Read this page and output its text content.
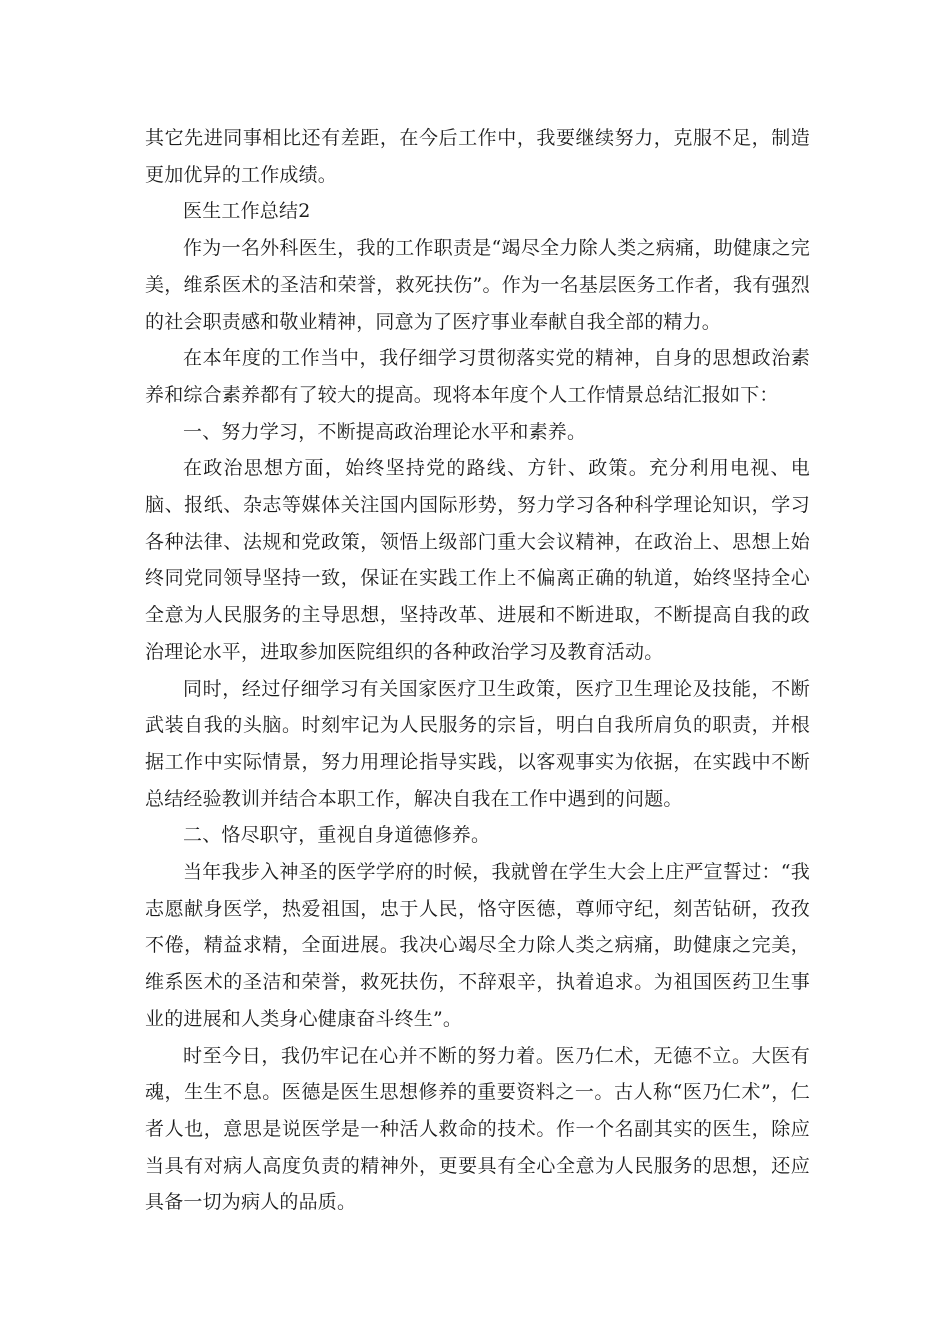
其它先进同事相比还有差距，在今后工作中，我要继续努力，克服不足，制造更加优异的工作成绩。

医生工作总结2

作为一名外科医生，我的工作职责是“竭尽全力除人类之病痛，助健康之完美，维系医术的圣洁和荣誉，救死扶伤”。作为一名基层医务工作者，我有强烈的社会职责感和敬业精神，同意为了医疗事业奉献自我全部的精力。

在本年度的工作当中，我仔细学习贯彻落实党的精神，自身的思想政治素养和综合素养都有了较大的提高。现将本年度个人工作情景总结汇报如下：

一、努力学习，不断提高政治理论水平和素养。

在政治思想方面，始终坚持党的路线、方针、政策。充分利用电视、电脑、报纸、杂志等媒体关注国内国际形势，努力学习各种科学理论知识，学习各种法律、法规和党政策，领悟上级部门重大会议精神，在政治上、思想上始终同党同领导坚持一致，保证在实践工作上不偏离正确的轨道，始终坚持全心全意为人民服务的主导思想，坚持改革、进展和不断进取，不断提高自我的政治理论水平，进取参加医院组织的各种政治学习及教育活动。

同时，经过仔细学习有关国家医疗卫生政策，医疗卫生理论及技能，不断武装自我的头脑。时刻牢记为人民服务的宗旨，明白自我所肩负的职责，并根据工作中实际情景，努力用理论指导实践，以客观事实为依据，在实践中不断总结经验教训并结合本职工作，解决自我在工作中遇到的问题。

二、恪尽职守，重视自身道德修养。

当年我步入神圣的医学学府的时候，我就曾在学生大会上庄严宣誓过：“我志愿献身医学，热爱祖国，忠于人民，恪守医德，尊师守纪，刻苦钻研，孜孜不倦，精益求精，全面进展。我决心竭尽全力除人类之病痛，助健康之完美，维系医术的圣洁和荣誉，救死扶伤，不辞艰辛，执着追求。为祖国医药卫生事业的进展和人类身心健康奋斗终生”。

时至今日，我仍牢记在心并不断的努力着。医乃仁术，无德不立。大医有魂，生生不息。医德是医生思想修养的重要资料之一。古人称“医乃仁术”，仁者人也，意思是说医学是一种活人救命的技术。作一个名副其实的医生，除应当具有对病人高度负责的精神外，更要具有全心全意为人民服务的思想，还应具备一切为病人的品质。
